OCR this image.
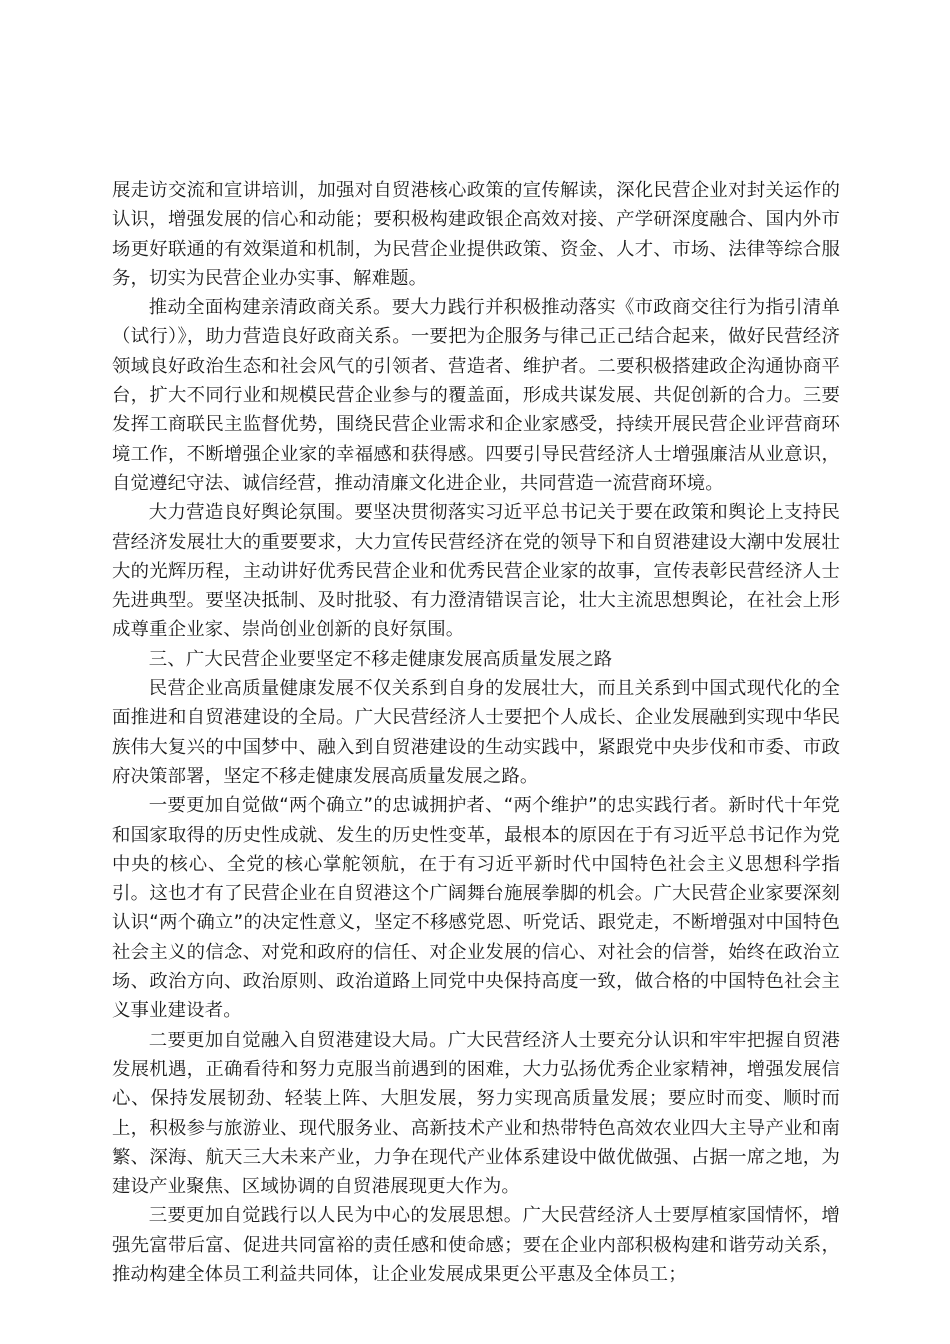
展走访交流和宣讲培训，加强对自贸港核心政策的宣传解读，深化民营企业对封关运作的认识，增强发展的信心和动能；要积极构建政银企高效对接、产学研深度融合、国内外市场更好联通的有效渠道和机制，为民营企业提供政策、资金、人才、市场、法律等综合服务，切实为民营企业办实事、解难题。

推动全面构建亲清政商关系。要大力践行并积极推动落实《市政商交往行为指引清单（试行）》，助力营造良好政商关系。一要把为企服务与律己正己结合起来，做好民营经济领域良好政治生态和社会风气的引领者、营造者、维护者。二要积极搭建政企沟通协商平台，扩大不同行业和规模民营企业参与的覆盖面，形成共谋发展、共促创新的合力。三要发挥工商联民主监督优势，围绕民营企业需求和企业家感受，持续开展民营企业评营商环境工作，不断增强企业家的幸福感和获得感。四要引导民营经济人士增强廉洁从业意识，自觉遵纪守法、诚信经营，推动清廉文化进企业，共同营造一流营商环境。

大力营造良好舆论氛围。要坚决贯彻落实习近平总书记关于要在政策和舆论上支持民营经济发展壮大的重要要求，大力宣传民营经济在党的领导下和自贸港建设大潮中发展壮大的光辉历程，主动讲好优秀民营企业和优秀民营企业家的故事，宣传表彰民营经济人士先进典型。要坚决抵制、及时批驳、有力澄清错误言论，壮大主流思想舆论，在社会上形成尊重企业家、崇尚创业创新的良好氛围。

三、广大民营企业要坚定不移走健康发展高质量发展之路

民营企业高质量健康发展不仅关系到自身的发展壮大，而且关系到中国式现代化的全面推进和自贸港建设的全局。广大民营经济人士要把个人成长、企业发展融到实现中华民族伟大复兴的中国梦中、融入到自贸港建设的生动实践中，紧跟党中央步伐和市委、市政府决策部署，坚定不移走健康发展高质量发展之路。

一要更加自觉做“两个确立”的忠诚拥护者、“两个维护”的忠实践行者。新时代十年党和国家取得的历史性成就、发生的历史性变革，最根本的原因在于有习近平总书记作为党中央的核心、全党的核心掌舵领航，在于有习近平新时代中国特色社会主义思想科学指引。这也才有了民营企业在自贸港这个广阔舞台施展拳脚的机会。广大民营企业家要深刻认识“两个确立”的决定性意义，坚定不移感党恩、听党话、跟党走，不断增强对中国特色社会主义的信念、对党和政府的信任、对企业发展的信心、对社会的信誉，始终在政治立场、政治方向、政治原则、政治道路上同党中央保持高度一致，做合格的中国特色社会主义事业建设者。

二要更加自觉融入自贸港建设大局。广大民营经济人士要充分认识和牢牢把握自贸港发展机遇，正确看待和努力克服当前遇到的困难，大力弘扬优秀企业家精神，增强发展信心、保持发展韧劲、轻装上阵、大胆发展，努力实现高质量发展；要应时而变、顺时而上，积极参与旅游业、现代服务业、高新技术产业和热带特色高效农业四大主导产业和南繁、深海、航天三大未来产业，力争在现代产业体系建设中做优做强、占据一席之地，为建设产业聚焦、区域协调的自贸港展现更大作为。

三要更加自觉践行以人民为中心的发展思想。广大民营经济人士要厚植家国情怀，增强先富带后富、促进共同富裕的责任感和使命感；要在企业内部积极构建和谐劳动关系，推动构建全体员工利益共同体，让企业发展成果更公平惠及全体员工；
